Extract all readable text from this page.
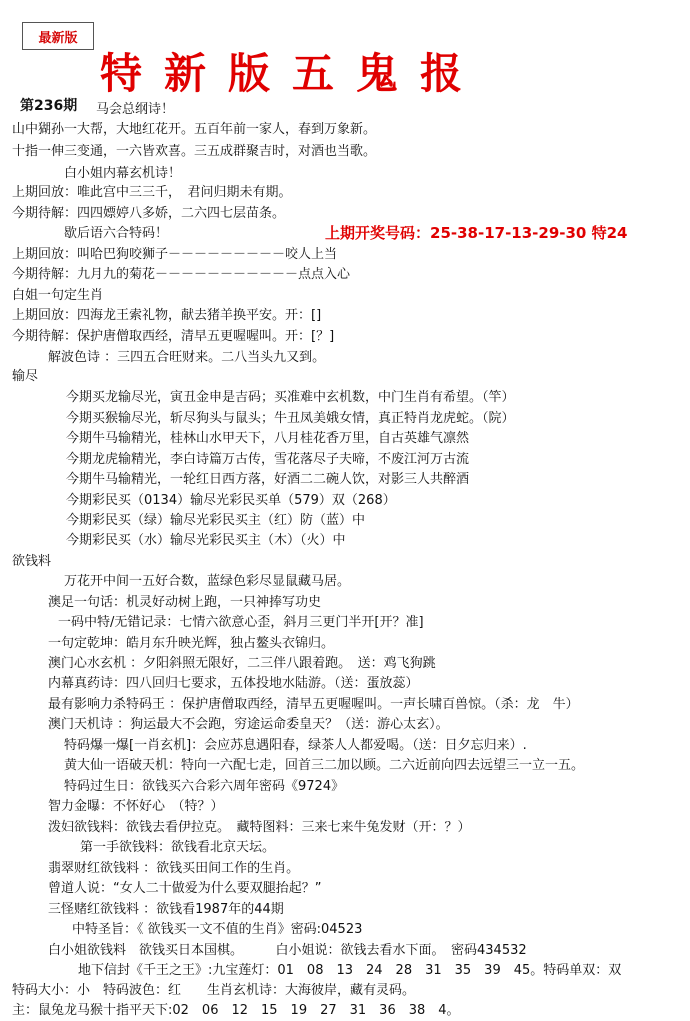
最新版
特新版五鬼报
第236期
上期开奖号码：25-38-17-13-29-30 特24
马会总纲诗！
山中猢孙一大帮，大地红花开。五百年前一家人，春到万象新。
十指一伸三变通，一六皆欢喜。三五成群聚吉时，对酒也当歌。
白小姐内幕玄机诗！
上期回放：唯此宫中三三千，　君问归期未有期。
今期待解：四四嫖婷八多娇，二六四七层苗条。
歇后语六合特码！
上期回放：叫哈巴狗咬狮子－－－－－－－－－咬人上当
今期待解：九月九的菊花－－－－－－－－－－－点点入心
白姐一句定生肖
上期回放：四海龙王索礼物，献去猪羊换平安。开：[]
今期待解：保护唐僧取西经，清早五更喔喔叫。开：[？]
解波色诗 ：三四五合旺财来。二八当头九又到。
输尽
今期买龙输尽光，寅丑金申是吉码；买准难中玄机数，中门生肖有希望。（竿）
今期买猴输尽光，斩尽狗头与鼠头；牛丑凤美娥女情，真正特肖龙虎蛇。（院）
今期牛马输精光，桂林山水甲天下，八月桂花香万里，自古英雄气凛然
今期龙虎输精光，李白诗篇万古传，雪花落尽子夫啼，不废江河万古流
今期牛马输精光，一轮红日西方落，好酒二二碗人饮，对影三人共醉酒
今期彩民买（0134）输尽光彩民买单（579）双（268）
今期彩民买（绿）输尽光彩民买主（红）防（蓝）中
今期彩民买（水）输尽光彩民买主（木）（火）中
欲钱料
万花开中间一五好合数，蓝绿色彩尽显鼠藏马居。
澳足一句话：机灵好动树上跑，一只神捧写功史
一码中特/无错记录：七情六欲意心歪，斜月三更门半开[开？准]
一句定乾坤：皓月东升映光辉，独占鳌头衣锦归。
澳门心水玄机 ：夕阳斜照无限好，二三伴八跟着跑。　送：鸡飞狗跳
内幕真药诗：四八回归七要求，五体投地水陆游。（送：蛋放蕊）
最有影响力杀特码王 ：保护唐僧取西经，清早五更喔喔叫。一声长啸百兽惊。（杀：龙　牛）
澳门天机诗 ：狗运最大不会跑，穷途运命委皇天？（送：游心太玄）。
特码爆一爆[一肖玄机]：会应苏息遇阳春，绿茶人人都爱喝。（送：日夕忘归来）.
黄大仙一语破天机：特向一六配七走，回首三二加以顾。二六近前向四去远望三一立一五。
特码过生日：欲钱买六合彩六周年密码《9724》
智力金曝：不怀好心　（特？）
泼妇欲钱料：欲钱去看伊拉克。　藏特图料：三来七来牛兔发财（开：？）
第一手欲钱料：欲钱看北京天坛。
翡翠财红欲钱料 ：欲钱买田间工作的生肖。
曾道人说：“女人二十做爱为什么要双腿抬起？”
三怪赌红欲钱料 ：欲钱看1987年的44期
中特圣旨：《 欲钱买一文不值的生肖》密码:04523
白小姐欲钱料　欲钱买日本国棋。　　　白小姐说：欲钱去看水下面。　密码434532
地下信封《千王之王》:九宝莲灯：01　08　13　24　28　31　35　39　45。特码单双：双
特码大小：小　特码波色：红　　生肖玄机诗：大海彼岸，藏有灵码。
主：鼠兔龙马猴十指平天下:02　06　12　15　19　27　31　36　38　4。
